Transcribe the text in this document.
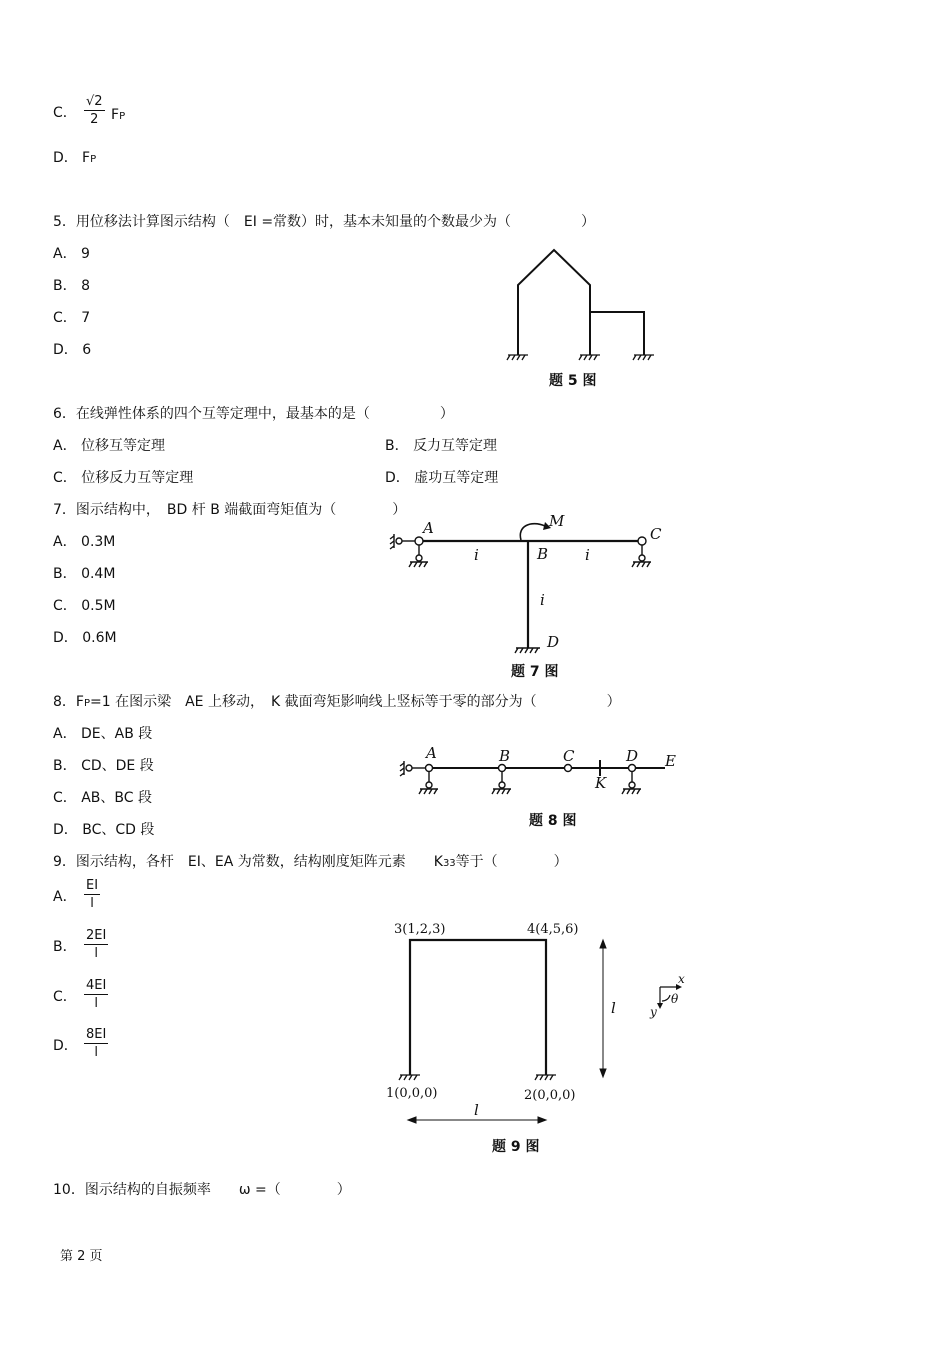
C． $\frac{√2}{2}$ FP
D． FP
5．用位移法计算图示结构（　EI =常数）时，基本未知量的个数最少为（　　　　　）
A． 9
B． 8
C． 7
D． 6
题 5 图
6．在线弹性体系的四个互等定理中，最基本的是（　　　　　）
A． 位移互等定理	B． 反力互等定理
C． 位移反力互等定理	D． 虚功互等定理
7．图示结构中，　BD 杆 B 端截面弯矩值为（　　　　）
A． 0.3M
B． 0.4M
C． 0.5M
D． 0.6M
A
B
C
D
M
i	i
i
题 7 图
8．FP=1 在图示梁　AE 上移动，　K 截面弯矩影响线上竖标等于零的部分为（　　　　　）
A． DE、AB 段
B． CD、DE 段
C． AB、BC 段
D． BC、CD 段
A	B	C	D E
K
题 8 图
9．图示结构，各杆　EI、EA 为常数，结构刚度矩阵元素　　K33等于（　　　　）
A． $\frac{EI}{l}$
B． $\frac{2EI}{l}$
C． $\frac{4EI}{l}$
D． $\frac{8EI}{l}$
3(1,2,3)	4(4,5,6)
1(0,0,0)	2(0,0,0)
l
l
x
y
θ
题 9 图
10．图示结构的自振频率　　ω =（　　　　）
第 2 页
